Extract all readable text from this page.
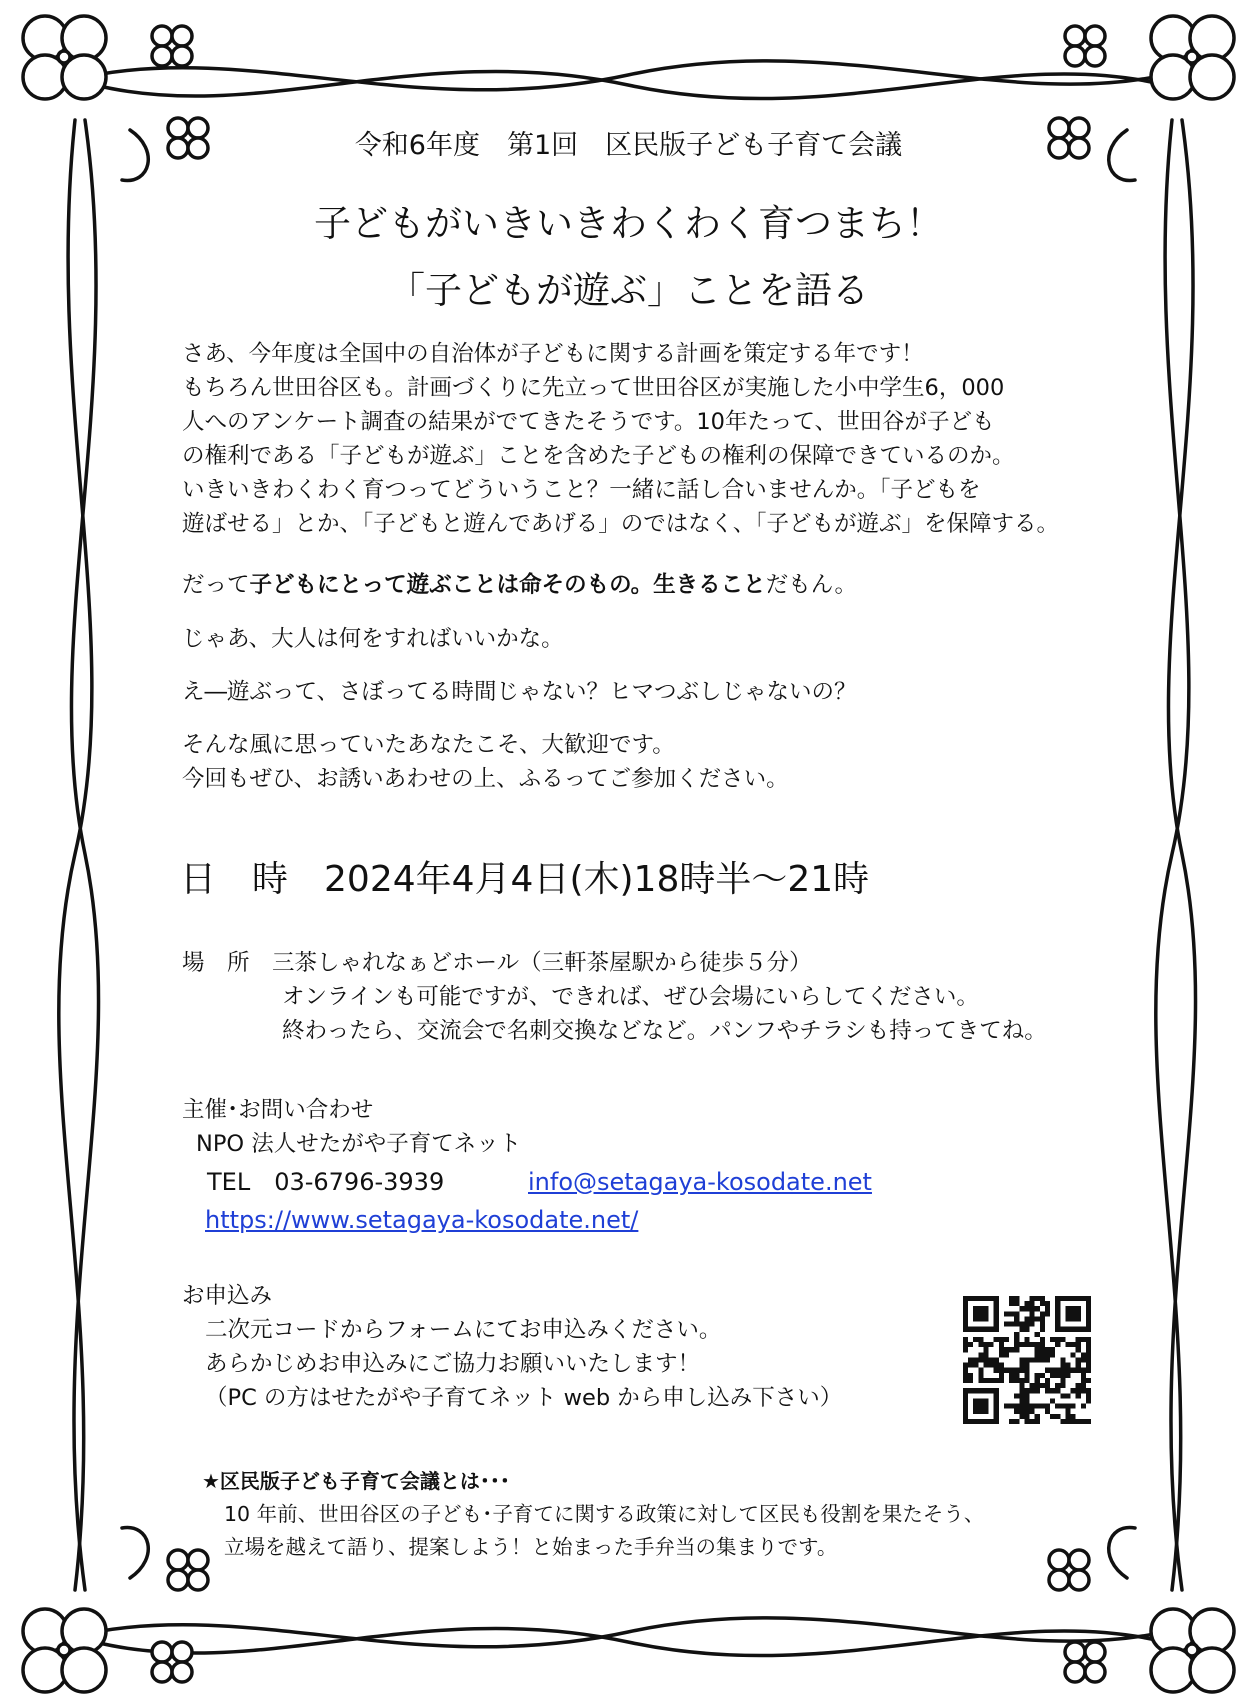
令和6年度　第1回　区民版子ども子育て会議
子どもがいきいきわくわく育つまち！
「子どもが遊ぶ」ことを語る
さあ、今年度は全国中の自治体が子どもに関する計画を策定する年です！
もちろん世田谷区も。計画づくりに先立って世田谷区が実施した小中学生6，000
人へのアンケート調査の結果がでてきたそうです。10年たって、世田谷が子ども
の権利である「子どもが遊ぶ」ことを含めた子どもの権利の保障できているのか。
いきいきわくわく育つってどういうこと？一緒に話し合いませんか。「子どもを
遊ばせる」とか、「子どもと遊んであげる」のではなく、「子どもが遊ぶ」を保障する。
だって子どもにとって遊ぶことは命そのもの。生きることだもん。
じゃあ、大人は何をすればいいかな。
え―遊ぶって、さぼってる時間じゃない？ヒマつぶしじゃないの？
そんな風に思っていたあなたこそ、大歓迎です。
今回もぜひ、お誘いあわせの上、ふるってご参加ください。
日　時　 2024年4月4日(木)18時半～21時
場　所　 三茶しゃれなぁどホール（三軒茶屋駅から徒歩５分）
オンラインも可能ですが、できれば、ぜひ会場にいらしてください。
終わったら、交流会で名刺交換などなど。パンフやチラシも持ってきてね。
主催･お問い合わせ
NPO 法人せたがや子育てネット
TEL　03-6796-3939	info@setagaya-kosodate.net
https://www.setagaya-kosodate.net/
お申込み
二次元コードからフォームにてお申込みください。
あらかじめお申込みにご協力お願いいたします！
（PC の方はせたがや子育てネット web から申し込み下さい）
★区民版子ども子育て会議とは･･･
10 年前、世田谷区の子ども･子育てに関する政策に対して区民も役割を果たそう、
立場を越えて語り、提案しよう！と始まった手弁当の集まりです。
